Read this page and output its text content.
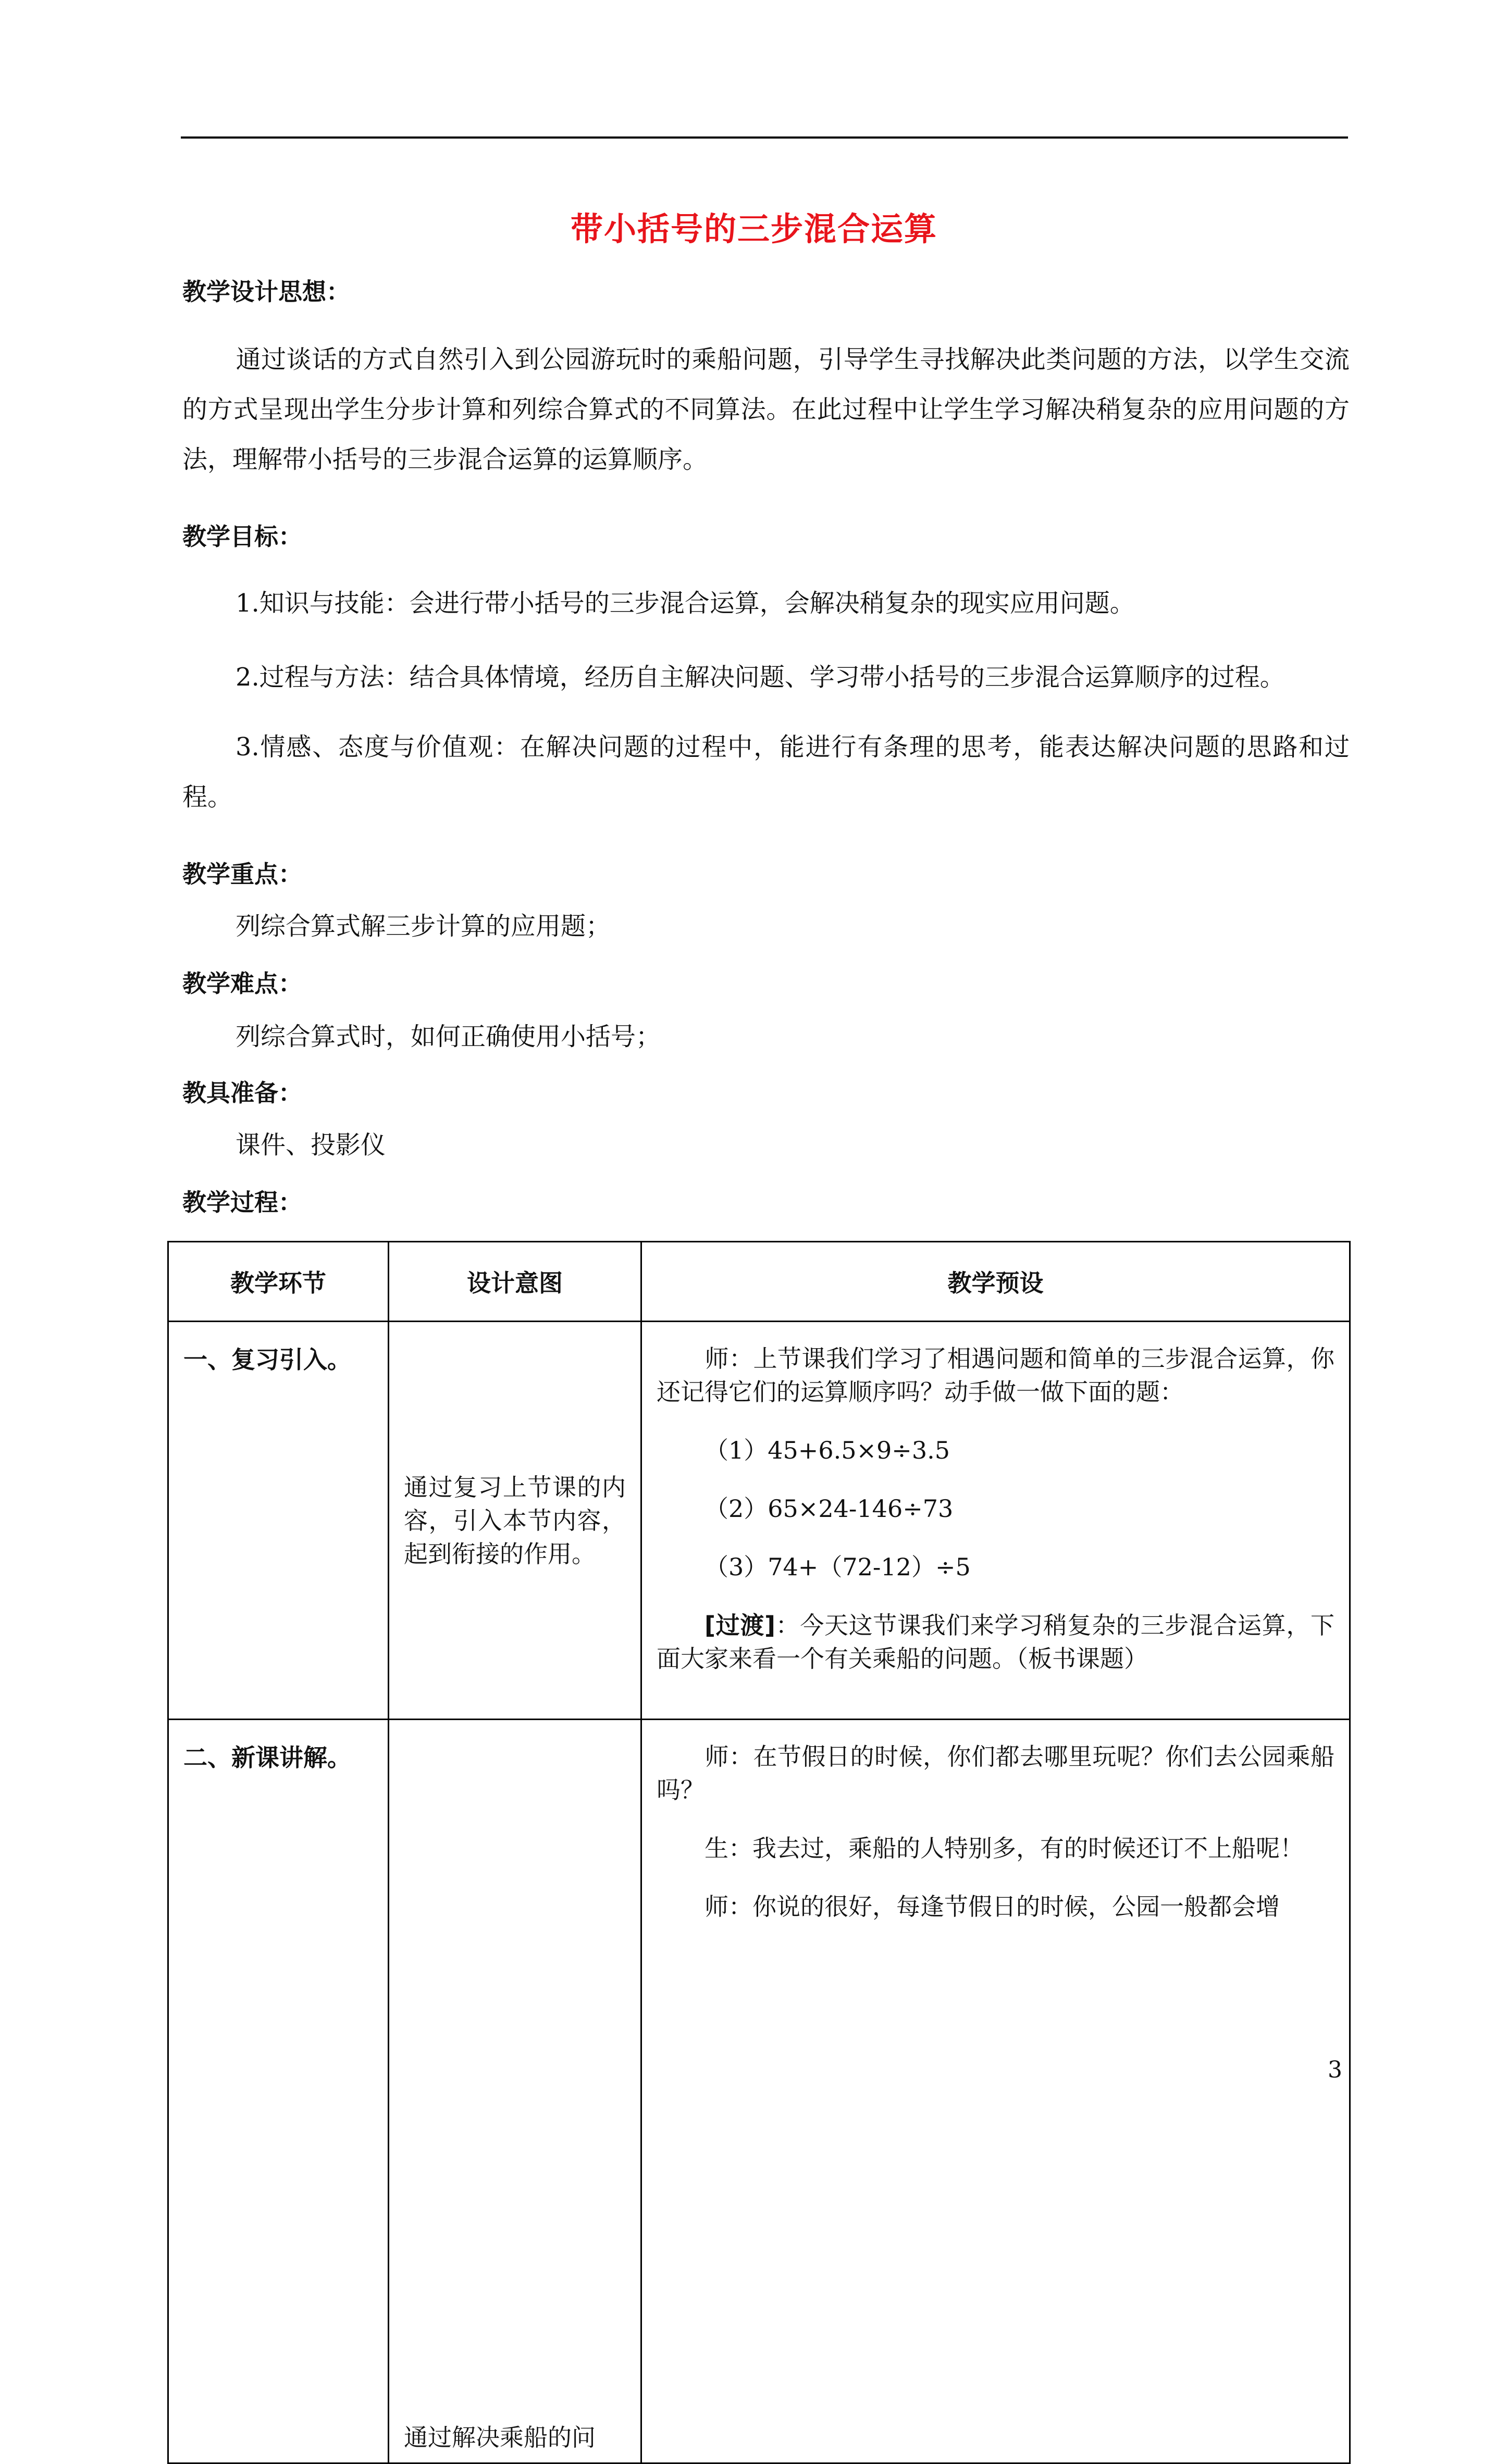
带小括号的三步混合运算
教学设计思想：
通过谈话的方式自然引入到公园游玩时的乘船问题，引导学生寻找解决此类问题的方法，以学生交流的方式呈现出学生分步计算和列综合算式的不同算法。在此过程中让学生学习解决稍复杂的应用问题的方法，理解带小括号的三步混合运算的运算顺序。
教学目标：
1.知识与技能：会进行带小括号的三步混合运算，会解决稍复杂的现实应用问题。
2.过程与方法：结合具体情境，经历自主解决问题、学习带小括号的三步混合运算顺序的过程。
3.情感、态度与价值观：在解决问题的过程中，能进行有条理的思考，能表达解决问题的思路和过程。
教学重点：
列综合算式解三步计算的应用题；
教学难点：
列综合算式时，如何正确使用小括号；
教具准备：
课件、投影仪
教学过程：
教学环节	设计意图	教学预设
一、复习引入。	通过复习上节课的内容，引入本节内容，起到衔接的作用。	师：上节课我们学习了相遇问题和简单的三步混合运算，你还记得它们的运算顺序吗？动手做一做下面的题：
（1）45+6.5×9÷3.5
（2）65×24-146÷73
（3）74+（72-12）÷5
[过渡]：今天这节课我们来学习稍复杂的三步混合运算，下面大家来看一个有关乘船的问题。（板书课题）

二、新课讲解。	通过解决乘船的问	师：在节假日的时候，你们都去哪里玩呢？你们去公园乘船吗？
生：我去过，乘船的人特别多，有的时候还订不上船呢！
师：你说的很好，每逢节假日的时候，公园一般都会增
3
